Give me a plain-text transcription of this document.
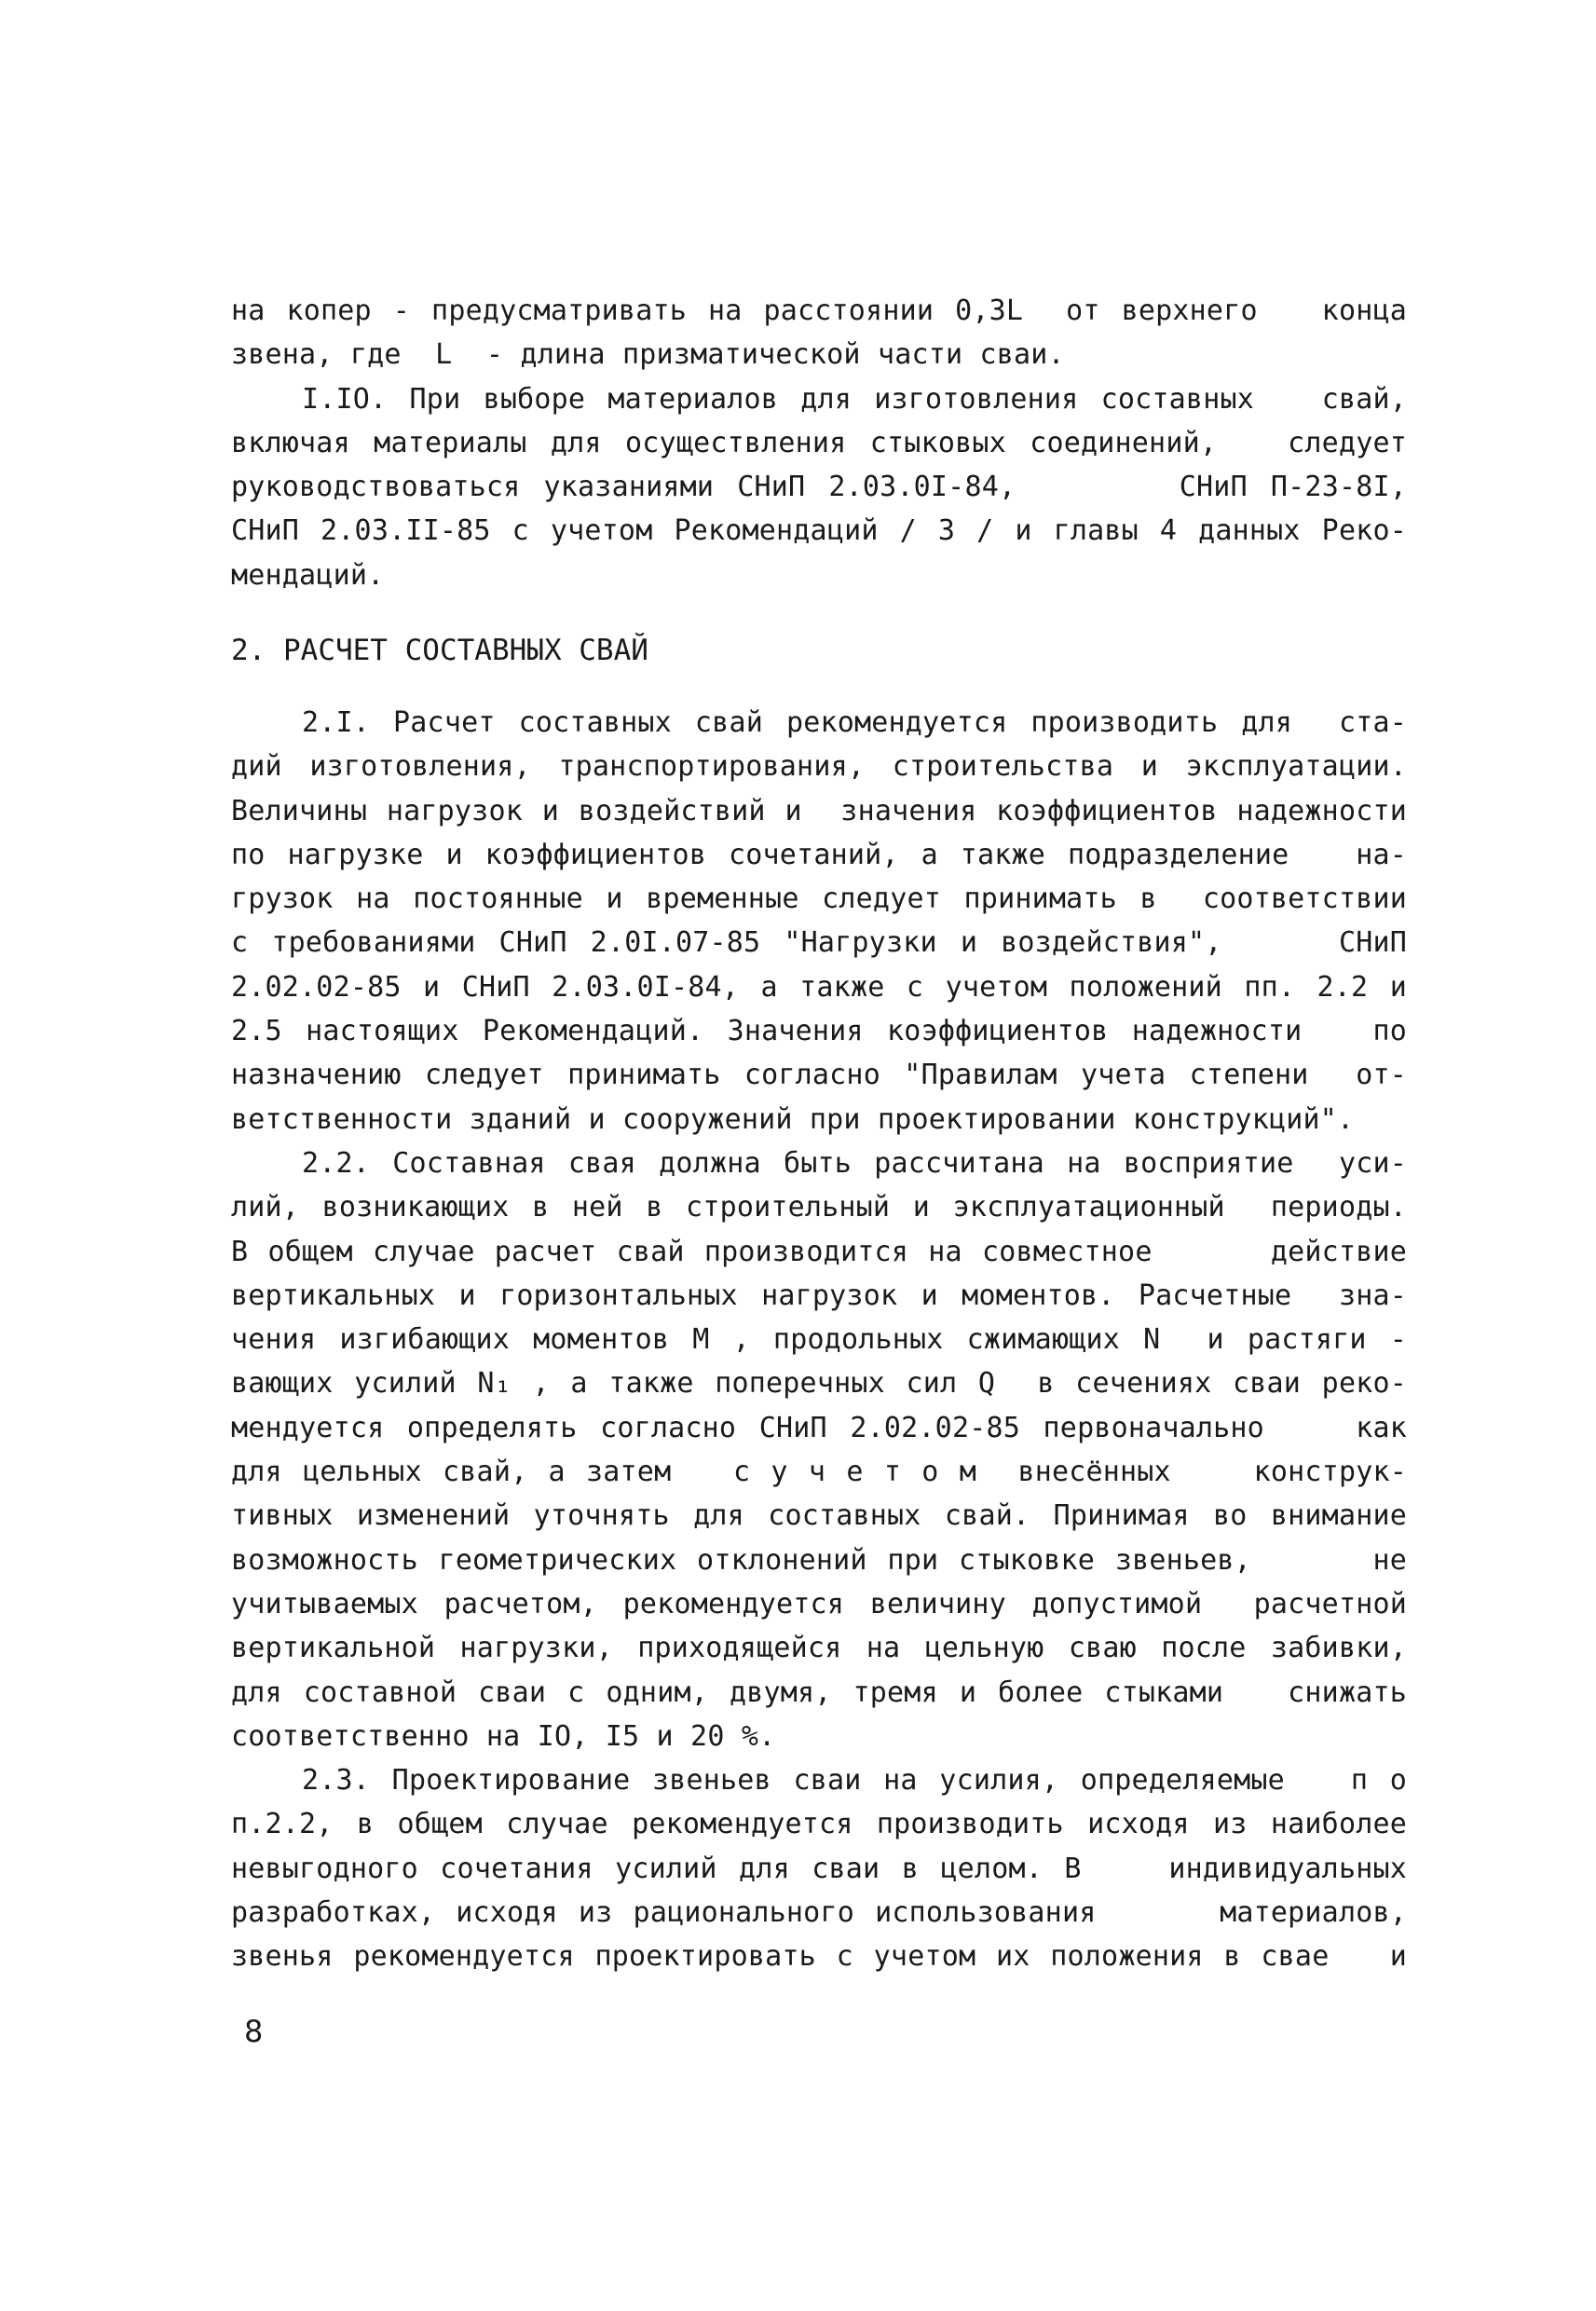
на копер - предусматривать на расстоянии 0,3L  от верхнего   конца
звена, где  L  - длина призматической части сваи.
I.IO. При выборе материалов для изготовления составных   свай,
включая материалы для осуществления стыковых соединений,   следует
руководствоваться указаниями СНиП 2.03.0I-84,       СНиП П-23-8I,
СНиП 2.03.II-85 с учетом Рекомендаций / 3 / и главы 4 данных Реко-
мендаций.
2. РАСЧЕТ СОСТАВНЫХ СВАЙ
2.I. Расчет составных свай рекомендуется производить для  ста-
дий изготовления, транспортирования, строительства и эксплуатации.
Величины нагрузок и воздействий и  значения коэффициентов надежности
по нагрузке и коэффициентов сочетаний, а также подразделение   на-
грузок на постоянные и временные следует принимать в  соответствии
с требованиями СНиП 2.0I.07-85 "Нагрузки и воздействия",     СНиП
2.02.02-85 и СНиП 2.03.0I-84, а также с учетом положений пп. 2.2 и
2.5 настоящих Рекомендаций. Значения коэффициентов надежности   по
назначению следует принимать согласно "Правилам учета степени  от-
ветственности зданий и сооружений при проектировании конструкций".
2.2. Составная свая должна быть рассчитана на восприятие  уси-
лий, возникающих в ней в строительный и эксплуатационный  периоды.
В общем случае расчет свай производится на совместное      действие
вертикальных и горизонтальных нагрузок и моментов. Расчетные  зна-
чения изгибающих моментов M , продольных сжимающих N  и растяги -
вающих усилий N₁ , а также поперечных сил Q  в сечениях сваи реко-
мендуется определять согласно СНиП 2.02.02-85 первоначально    как
для цельных свай, а затем   с у ч е т о м  внесённых    конструк-
тивных изменений уточнять для составных свай. Принимая во внимание
возможность геометрических отклонений при стыковке звеньев,      не
учитываемых расчетом, рекомендуется величину допустимой  расчетной
вертикальной нагрузки, приходящейся на цельную сваю после забивки,
для составной сваи с одним, двумя, тремя и более стыками   снижать
соответственно на IO, I5 и 20 %.
2.3. Проектирование звеньев сваи на усилия, определяемые   п о
п.2.2, в общем случае рекомендуется производить исходя из наиболее
невыгодного сочетания усилий для сваи в целом. В    индивидуальных
разработках, исходя из рационального использования      материалов,
звенья рекомендуется проектировать с учетом их положения в свае   и
8
